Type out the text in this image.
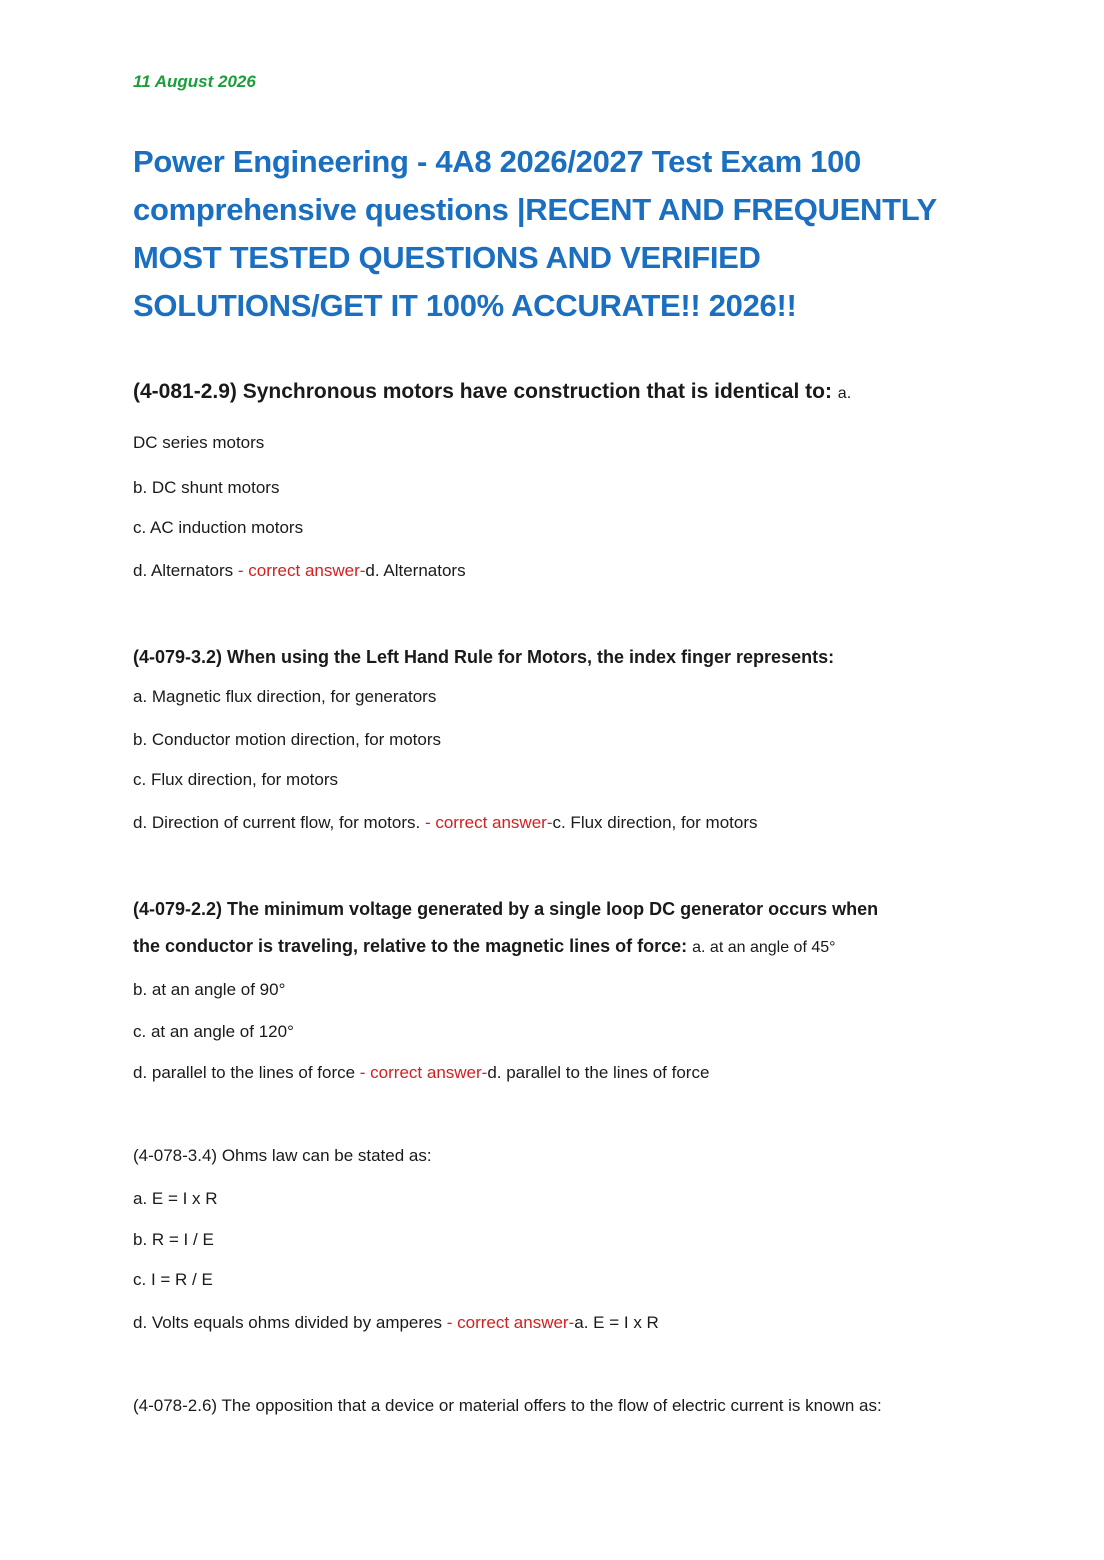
11 August 2026
Power Engineering - 4A8 2026/2027 Test Exam 100 comprehensive questions |RECENT AND FREQUENTLY MOST TESTED QUESTIONS AND VERIFIED SOLUTIONS/GET IT 100% ACCURATE!! 2026!!
(4-081-2.9) Synchronous motors have construction that is identical to: a.
DC series motors
b. DC shunt motors
c. AC induction motors
d. Alternators - correct answer-d. Alternators
(4-079-3.2) When using the Left Hand Rule for Motors, the index finger represents:
a. Magnetic flux direction, for generators
b. Conductor motion direction, for motors
c. Flux direction, for motors
d. Direction of current flow, for motors. - correct answer-c. Flux direction, for motors
(4-079-2.2) The minimum voltage generated by a single loop DC generator occurs when
the conductor is traveling, relative to the magnetic lines of force: a. at an angle of 45°
b. at an angle of 90°
c. at an angle of 120°
d. parallel to the lines of force - correct answer-d. parallel to the lines of force
(4-078-3.4) Ohms law can be stated as:
a. E = I x R
b. R = I / E
c. I = R / E
d. Volts equals ohms divided by amperes - correct answer-a. E = I x R
(4-078-2.6) The opposition that a device or material offers to the flow of electric current is known as:
